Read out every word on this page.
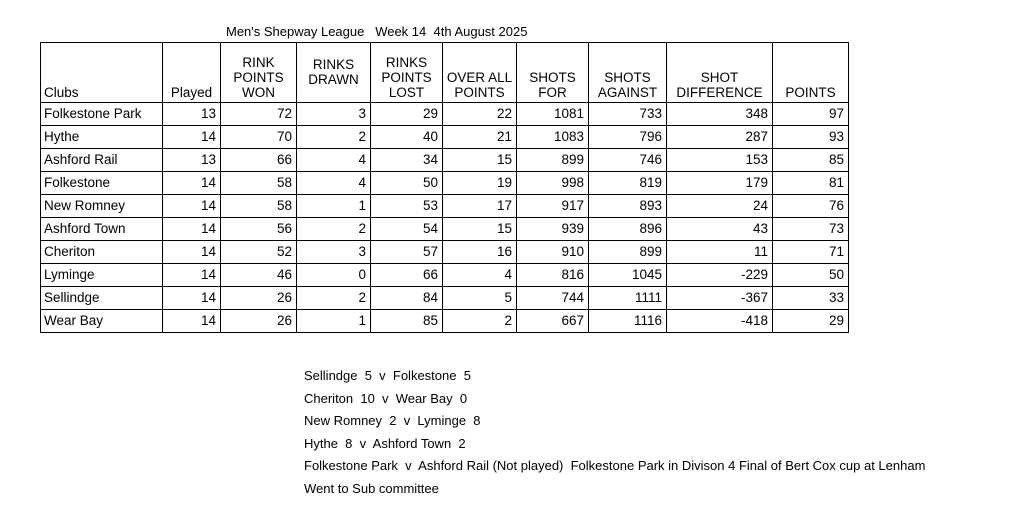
Men's Shepway League   Week 14  4th August 2025
Clubs	Played	RINK POINTS WON	RINKS DRAWN	RINKS POINTS LOST	OVER ALL POINTS	SHOTS FOR	SHOTS AGAINST	SHOT DIFFERENCE	POINTS
Folkestone Park	13	72	3	29	22	1081	733	348	97
Hythe	14	70	2	40	21	1083	796	287	93
Ashford Rail	13	66	4	34	15	899	746	153	85
Folkestone	14	58	4	50	19	998	819	179	81
New Romney	14	58	1	53	17	917	893	24	76
Ashford Town	14	56	2	54	15	939	896	43	73
Cheriton	14	52	3	57	16	910	899	11	71
Lyminge	14	46	0	66	4	816	1045	-229	50
Sellindge	14	26	2	84	5	744	1111	-367	33
Wear Bay	14	26	1	85	2	667	1116	-418	29
Sellindge  5  v  Folkestone  5
Cheriton  10  v  Wear Bay  0
New Romney  2  v  Lyminge  8
Hythe  8  v  Ashford Town  2
Folkestone Park  v  Ashford Rail (Not played)  Folkestone Park in Divison 4 Final of Bert Cox cup at Lenham
Went to Sub committee
